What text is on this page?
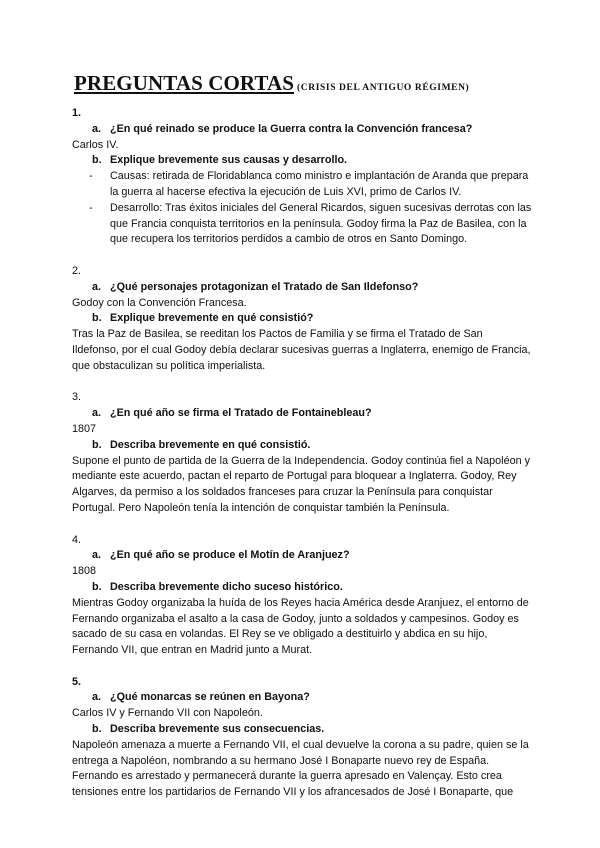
PREGUNTAS CORTAS (CRISIS DEL ANTIGUO RÉGIMEN)

1.

a. ¿En qué reinado se produce la Guerra contra la Convención francesa?

Carlos IV.

b. Explique brevemente sus causas y desarrollo.

- Causas: retirada de Floridablanca como ministro e implantación de Aranda que prepara la guerra al hacerse efectiva la ejecución de Luis XVI, primo de Carlos IV.
- Desarrollo: Tras éxitos iniciales del General Ricardos, siguen sucesivas derrotas con las que Francia conquista territorios en la península. Godoy firma la Paz de Basilea, con la que recupera los territorios perdidos a cambio de otros en Santo Domingo.

2.

a. ¿Qué personajes protagonizan el Tratado de San Ildefonso?

Godoy con la Convención Francesa.

b. Explique brevemente en qué consistió?

Tras la Paz de Basilea, se reeditan los Pactos de Familia y se firma el Tratado de San Ildefonso, por el cual Godoy debía declarar sucesivas guerras a Inglaterra, enemigo de Francia, que obstaculizan su política imperialista.

3.

a. ¿En qué año se firma el Tratado de Fontainebleau?

1807

b. Describa brevemente en qué consistió.

Supone el punto de partida de la Guerra de la Independencia. Godoy continúa fiel a Napoléon y mediante este acuerdo, pactan el reparto de Portugal para bloquear a Inglaterra. Godoy, Rey Algarves, da permiso a los soldados franceses para cruzar la Península para conquistar Portugal. Pero Napoleón tenía la intención de conquistar también la Península.

4.

a. ¿En qué año se produce el Motín de Aranjuez?

1808

b. Describa brevemente dicho suceso histórico.

Mientras Godoy organizaba la huída de los Reyes hacia América desde Aranjuez, el entorno de Fernando organizaba el asalto a la casa de Godoy, junto a soldados y campesinos. Godoy es sacado de su casa en volandas. El Rey se ve obligado a destituirlo y abdica en su hijo, Fernando VII, que entran en Madrid junto a Murat.

5.

a. ¿Qué monarcas se reúnen en Bayona?

Carlos IV y Fernando VII con Napoleón.

b. Describa brevemente sus consecuencias.

Napoleón amenaza a muerte a Fernando VII, el cual devuelve la corona a su padre, quien se la entrega a Napoléon, nombrando a su hermano José I Bonaparte nuevo rey de España. Fernando es arrestado y permanecerá durante la guerra apresado en Valençay. Esto crea tensiones entre los partidarios de Fernando VII y los afrancesados de José I Bonaparte, que
